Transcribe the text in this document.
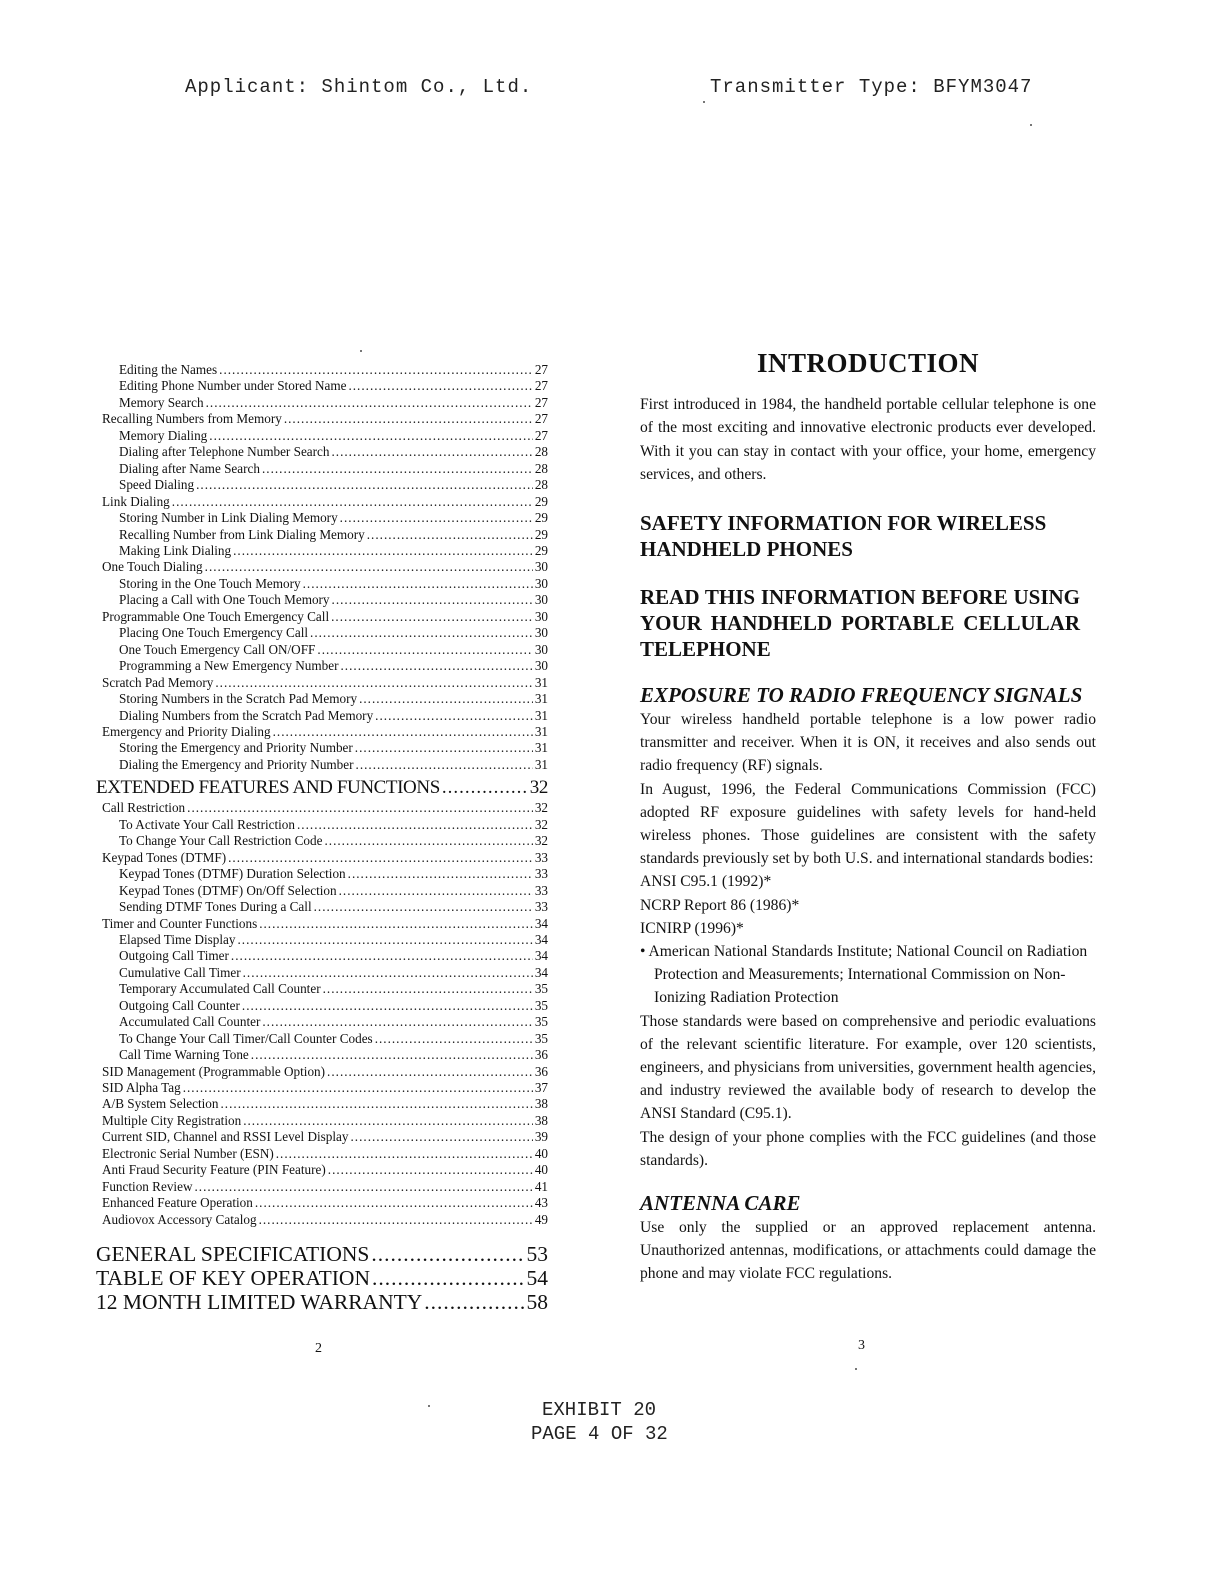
Applicant: Shintom Co., Ltd.	Transmitter Type: BFYM3047
Editing the Names .....	27
Editing Phone Number under Stored Name .....	27
Memory Search .....	27
Recalling Numbers from Memory .....	27
Memory Dialing .....	27
Dialing after Telephone Number Search .....	28
Dialing after Name Search .....	28
Speed Dialing .....	28
Link Dialing .....	29
Storing Number in Link Dialing Memory .....	29
Recalling Number from Link Dialing Memory .....	29
Making Link Dialing .....	29
One Touch Dialing .....	30
Storing in the One Touch Memory .....	30
Placing a Call with One Touch Memory .....	30
Programmable One Touch Emergency Call .....	30
Placing One Touch Emergency Call .....	30
One Touch Emergency Call ON/OFF .....	30
Programming a New Emergency Number .....	30
Scratch Pad Memory .....	31
Storing Numbers in the Scratch Pad Memory .....	31
Dialing Numbers from the Scratch Pad Memory .....	31
Emergency and Priority Dialing .....	31
Storing the Emergency and Priority Number .....	31
Dialing the Emergency and Priority Number .....	31
EXTENDED FEATURES AND FUNCTIONS .....	32
Call Restriction .....	32
To Activate Your Call Restriction .....	32
To Change Your Call Restriction Code .....	32
Keypad Tones (DTMF) .....	33
Keypad Tones (DTMF) Duration Selection .....	33
Keypad Tones (DTMF) On/Off Selection .....	33
Sending DTMF Tones During a Call .....	33
Timer and Counter Functions .....	34
Elapsed Time Display .....	34
Outgoing Call Timer .....	34
Cumulative Call Timer .....	34
Temporary Accumulated Call Counter .....	35
Outgoing Call Counter .....	35
Accumulated Call Counter .....	35
To Change Your Call Timer/Call Counter Codes .....	35
Call Time Warning Tone .....	36
SID Management (Programmable Option) .....	36
SID Alpha Tag .....	37
A/B System Selection .....	38
Multiple City Registration .....	38
Current SID, Channel and RSSI Level Display .....	39
Electronic Serial Number (ESN) .....	40
Anti Fraud Security Feature (PIN Feature) .....	40
Function Review .....	41
Enhanced Feature Operation .....	43
Audiovox Accessory Catalog .....	49
GENERAL SPECIFICATIONS .....	53
TABLE OF KEY OPERATION .....	54
12 MONTH LIMITED WARRANTY .....	58
2
INTRODUCTION

First introduced in 1984, the handheld portable cellular telephone is one of the most exciting and innovative electronic products ever developed. With it you can stay in contact with your office, your home, emergency services, and others.

SAFETY INFORMATION FOR WIRELESS HANDHELD PHONES
READ THIS INFORMATION BEFORE USING YOUR HANDHELD PORTABLE CELLULAR TELEPHONE
EXPOSURE TO RADIO FREQUENCY SIGNALS

Your wireless handheld portable telephone is a low power radio transmitter and receiver. When it is ON, it receives and also sends out radio frequency (RF) signals.

In August, 1996, the Federal Communications Commission (FCC) adopted RF exposure guidelines with safety levels for hand-held wireless phones. Those guidelines are consistent with the safety standards previously set by both U.S. and international standards bodies:

ANSI C95.1 (1992)*

NCRP Report 86 (1986)*

ICNIRP (1996)*

• American National Standards Institute; National Council on Radiation Protection and Measurements; International Commission on Non-Ionizing Radiation Protection

Those standards were based on comprehensive and periodic evaluations of the relevant scientific literature. For example, over 120 scientists, engineers, and physicians from universities, government health agencies, and industry reviewed the available body of research to develop the ANSI Standard (C95.1).

The design of your phone complies with the FCC guidelines (and those standards).

ANTENNA CARE

Use only the supplied or an approved replacement antenna. Unauthorized antennas, modifications, or attachments could damage the phone and may violate FCC regulations.

3
EXHIBIT 20
PAGE 4 OF 32
